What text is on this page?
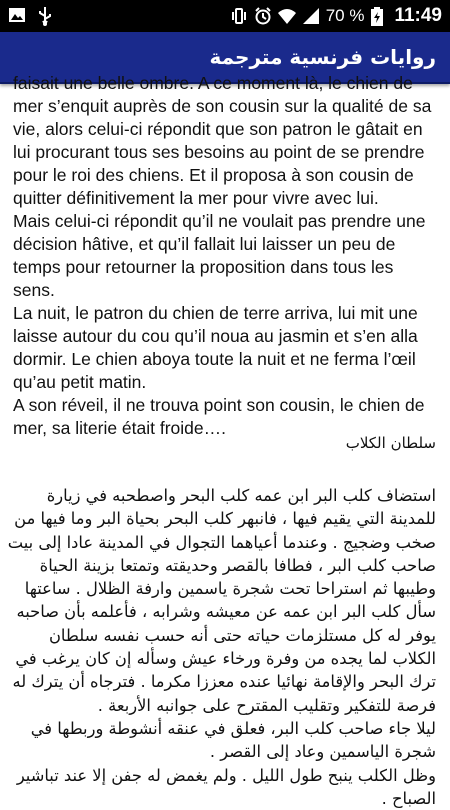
70 % 11:49
روايات فرنسية مترجمة

faisait une belle ombre. A ce moment là, le chien de mer s’enquit auprès de son cousin sur la qualité de sa vie, alors celui-ci répondit que son patron le gâtait en lui procurant tous ses besoins au point de se prendre pour le roi des chiens. Et il proposa à son cousin de quitter définitivement la mer pour vivre avec lui.

Mais celui-ci répondit qu’il ne voulait pas prendre une décision hâtive, et qu’il fallait lui laisser un peu de temps pour retourner la proposition dans tous les sens.

La nuit, le patron du chien de terre arriva, lui mit une laisse autour du cou qu’il noua au jasmin et s’en alla dormir. Le chien aboya toute la nuit et ne ferma l’œil qu’au petit matin.

A son réveil, il ne trouva point son cousin, le chien de mer, sa literie était froide….

سلطان الكلاب

استضاف كلب البر ابن عمه كلب البحر واصطحبه في زيارة للمدينة التي يقيم فيها ، فانبهر كلب البحر بحياة البر وما فيها من صخب وضجيج . وعندما أعياهما التجوال في المدينة عادا إلى بيت صاحب كلب البر ، فطافا بالقصر وحديقته وتمتعا بزينة الحياة وطيبها ثم استراحا تحت شجرة ياسمين وارفة الظلال . ساعتها سأل كلب البر ابن عمه عن معيشه وشرابه ، فأعلمه بأن صاحبه يوفر له كل مستلزمات حياته حتى أنه حسب نفسه سلطان الكلاب لما يجده من وفرة ورخاء عيش وسأله إن كان يرغب في ترك البحر والإقامة نهائيا عنده معززا مكرما . فترجاه أن يترك له فرصة للتفكير وتقليب المقترح على جوانبه الأربعة .

ليلا جاء صاحب كلب البر، فعلق في عنقه أنشوطة وربطها في شجرة الياسمين وعاد إلى القصر .

وظل الكلب ينبح طول الليل . ولم يغمض له جفن إلا عند تباشير الصباح .
